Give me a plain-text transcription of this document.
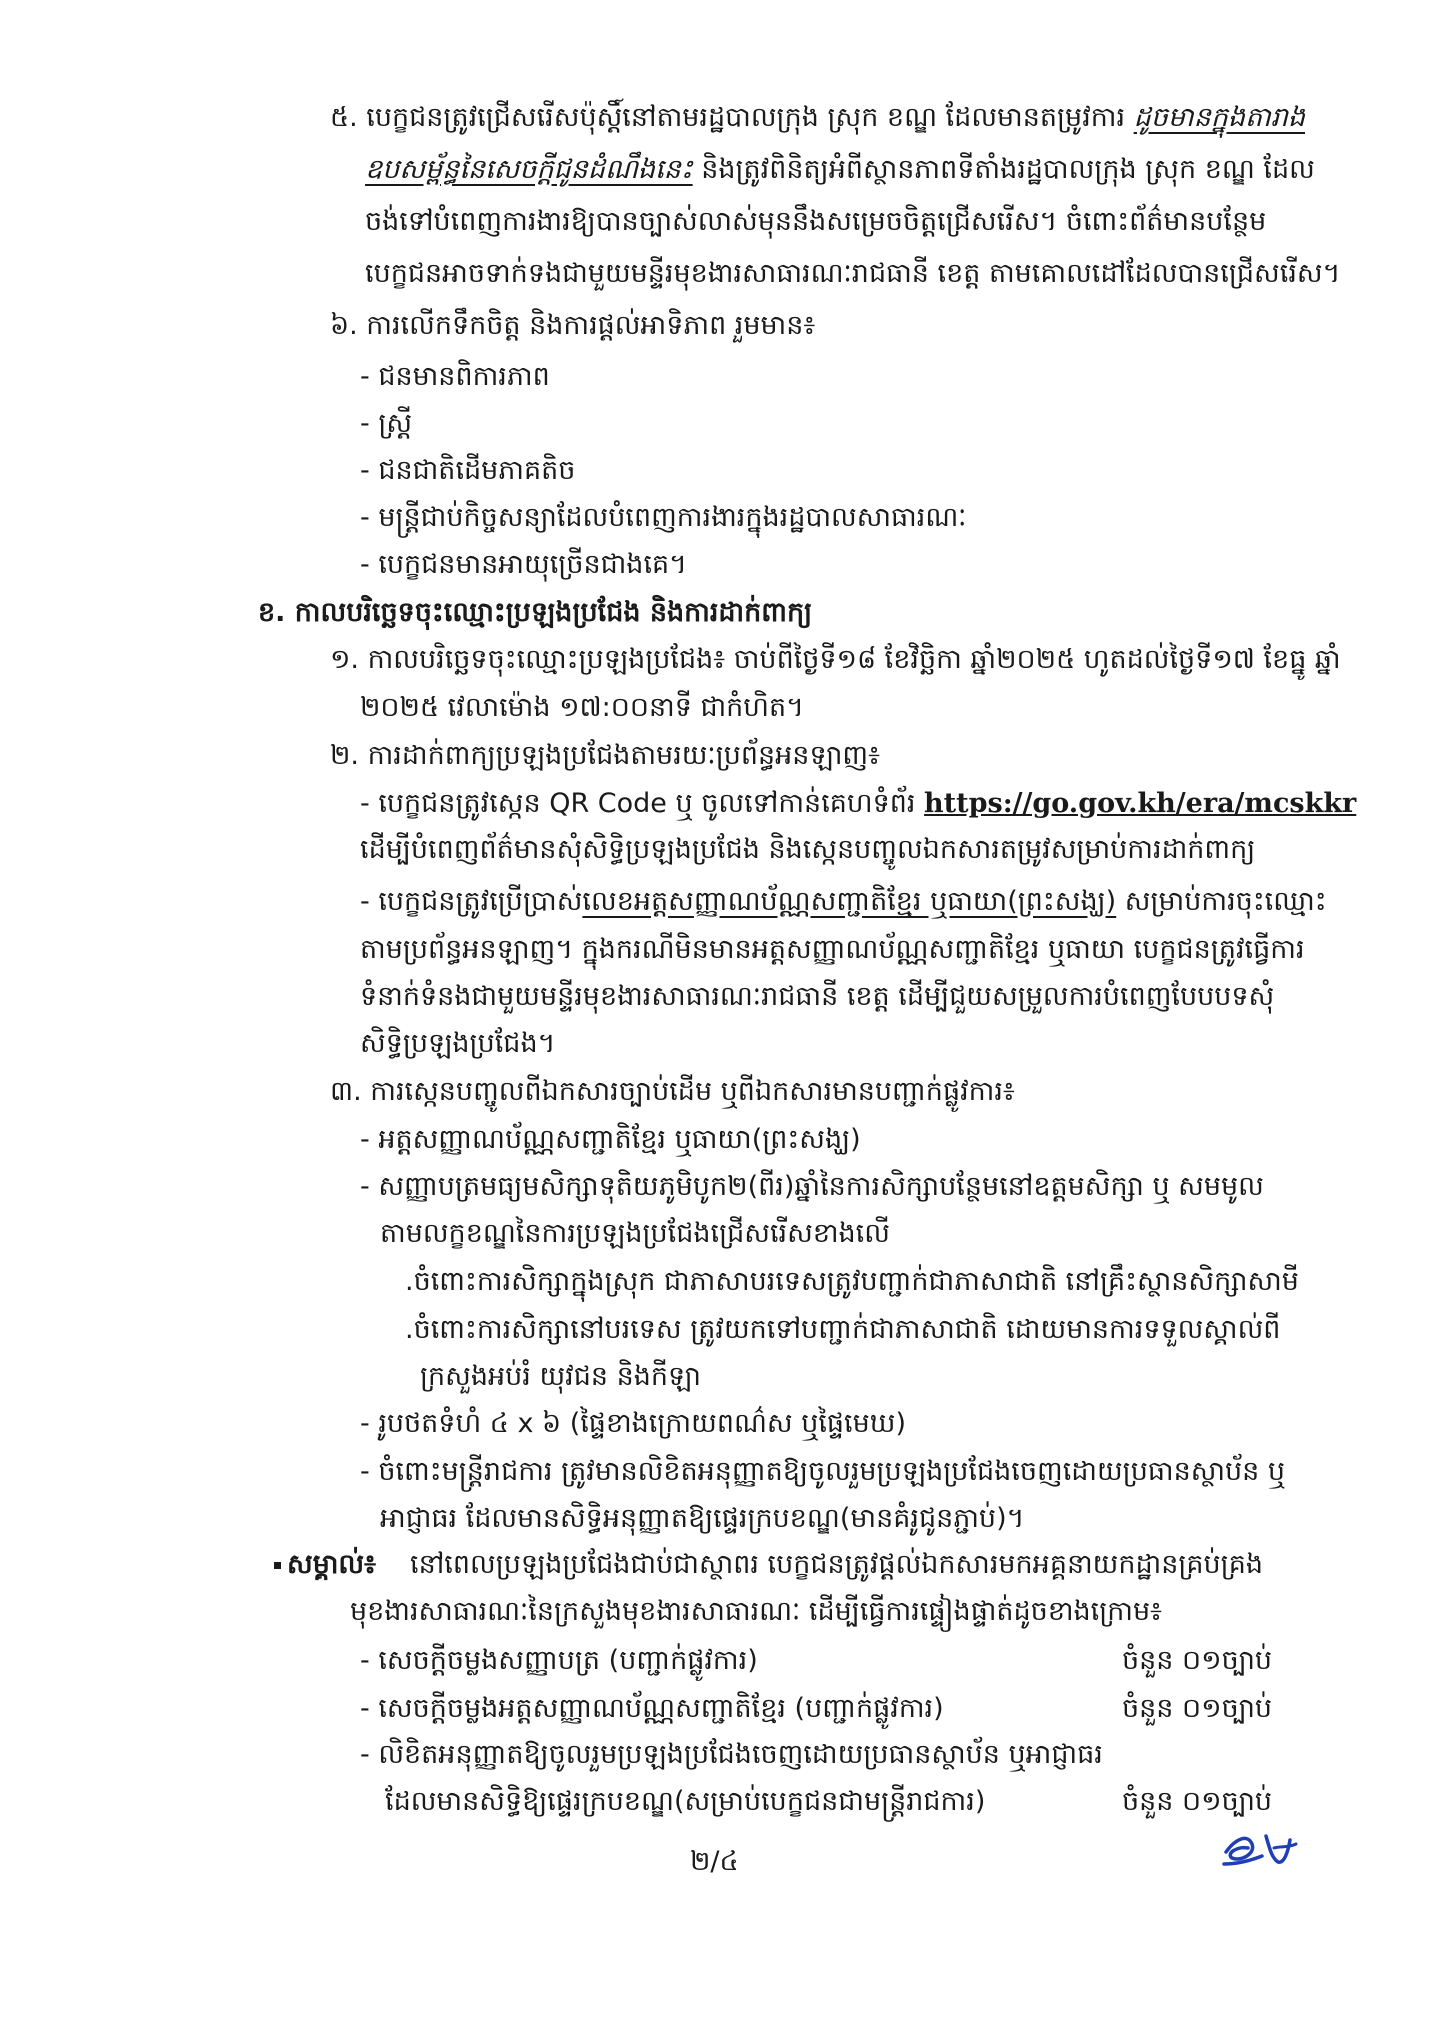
៥. បេក្ខជនត្រូវជ្រើសរើសប៉ុស្តិ៍នៅតាមរដ្ឋបាលក្រុង ស្រុក ខណ្ឌ ដែលមានតម្រូវការ ដូចមានក្នុងតារាង
ឧបសម្ព័ន្ធនៃសេចក្តីជូនដំណឹងនេះ និងត្រូវពិនិត្យអំពីស្ថានភាពទីតាំងរដ្ឋបាលក្រុង ស្រុក ខណ្ឌ ដែល
ចង់ទៅបំពេញការងារឱ្យបានច្បាស់លាស់មុននឹងសម្រេចចិត្តជ្រើសរើស។ ចំពោះព័ត៌មានបន្ថែម
បេក្ខជនអាចទាក់ទងជាមួយមន្ទីរមុខងារសាធារណៈរាជធានី ខេត្ត តាមគោលដៅដែលបានជ្រើសរើស។
៦. ការលើកទឹកចិត្ត និងការផ្តល់អាទិភាព រួមមាន៖
- ជនមានពិការភាព
- ស្ត្រី
- ជនជាតិដើមភាគតិច
- មន្ត្រីជាប់កិច្ចសន្យាដែលបំពេញការងារក្នុងរដ្ឋបាលសាធារណៈ
- បេក្ខជនមានអាយុច្រើនជាងគេ។
ខ. កាលបរិច្ឆេទចុះឈ្មោះប្រឡងប្រជែង និងការដាក់ពាក្យ
១. កាលបរិច្ឆេទចុះឈ្មោះប្រឡងប្រជែង៖ ចាប់ពីថ្ងៃទី១៨ ខែវិច្ឆិកា ឆ្នាំ២០២៥ ហូតដល់ថ្ងៃទី១៧ ខែធ្នូ ឆ្នាំ
២០២៥ វេលាម៉ោង ១៧:០០នាទី ជាកំហិត។
២. ការដាក់ពាក្យប្រឡងប្រជែងតាមរយៈប្រព័ន្ធអនឡាញ៖
- បេក្ខជនត្រូវស្កេន QR Code ឬ ចូលទៅកាន់គេហទំព័រ https://go.gov.kh/era/mcskkr
ដើម្បីបំពេញព័ត៌មានសុំសិទ្ធិប្រឡងប្រជែង និងស្កេនបញ្ចូលឯកសារតម្រូវសម្រាប់ការដាក់ពាក្យ
- បេក្ខជនត្រូវប្រើប្រាស់លេខអត្តសញ្ញាណប័ណ្ណសញ្ជាតិខ្មែរ ឬធាយា(ព្រះសង្ឃ) សម្រាប់ការចុះឈ្មោះ
តាមប្រព័ន្ធអនឡាញ។ ក្នុងករណីមិនមានអត្តសញ្ញាណប័ណ្ណសញ្ជាតិខ្មែរ ឬធាយា បេក្ខជនត្រូវធ្វើការ
ទំនាក់ទំនងជាមួយមន្ទីរមុខងារសាធារណៈរាជធានី ខេត្ត ដើម្បីជួយសម្រួលការបំពេញបែបបទសុំ
សិទ្ធិប្រឡងប្រជែង។
៣. ការស្កេនបញ្ចូលពីឯកសារច្បាប់ដើម ឬពីឯកសារមានបញ្ជាក់ផ្លូវការ៖
- អត្តសញ្ញាណប័ណ្ណសញ្ជាតិខ្មែរ ឬធាយា(ព្រះសង្ឃ)
- សញ្ញាបត្រមធ្យមសិក្សាទុតិយភូមិបូក២(ពីរ)ឆ្នាំនៃការសិក្សាបន្ថែមនៅឧត្តមសិក្សា ឬ សមមូល
តាមលក្ខខណ្ឌនៃការប្រឡងប្រជែងជ្រើសរើសខាងលើ
.ចំពោះការសិក្សាក្នុងស្រុក ជាភាសាបរទេសត្រូវបញ្ជាក់ជាភាសាជាតិ នៅគ្រឹះស្ថានសិក្សាសាមី
.ចំពោះការសិក្សានៅបរទេស ត្រូវយកទៅបញ្ជាក់ជាភាសាជាតិ ដោយមានការទទួលស្គាល់ពី
ក្រសួងអប់រំ យុវជន និងកីឡា
- រូបថតទំហំ ៤ x ៦ (ផ្ទៃខាងក្រោយពណ៌ស ឬផ្ទៃមេឃ)
- ចំពោះមន្ត្រីរាជការ ត្រូវមានលិខិតអនុញ្ញាតឱ្យចូលរួមប្រឡងប្រជែងចេញដោយប្រធានស្ថាប័ន ឬ
អាជ្ញាធរ ដែលមានសិទ្ធិអនុញ្ញាតឱ្យផ្ទេរក្របខណ្ឌ(មានគំរូជូនភ្ជាប់)។
សម្គាល់៖ នៅពេលប្រឡងប្រជែងជាប់ជាស្ថាពរ បេក្ខជនត្រូវផ្តល់ឯកសារមកអគ្គនាយកដ្ឋានគ្រប់គ្រង
មុខងារសាធារណៈនៃក្រសួងមុខងារសាធារណៈ ដើម្បីធ្វើការផ្ទៀងផ្ទាត់ដូចខាងក្រោម៖
- សេចក្តីចម្លងសញ្ញាបត្រ (បញ្ជាក់ផ្លូវការ)	ចំនួន ០១ច្បាប់
- សេចក្តីចម្លងអត្តសញ្ញាណប័ណ្ណសញ្ជាតិខ្មែរ (បញ្ជាក់ផ្លូវការ)	ចំនួន ០១ច្បាប់
- លិខិតអនុញ្ញាតឱ្យចូលរួមប្រឡងប្រជែងចេញដោយប្រធានស្ថាប័ន ឬអាជ្ញាធរ
ដែលមានសិទ្ធិឱ្យផ្ទេរក្របខណ្ឌ(សម្រាប់បេក្ខជនជាមន្ត្រីរាជការ)	ចំនួន ០១ច្បាប់
២/៤
